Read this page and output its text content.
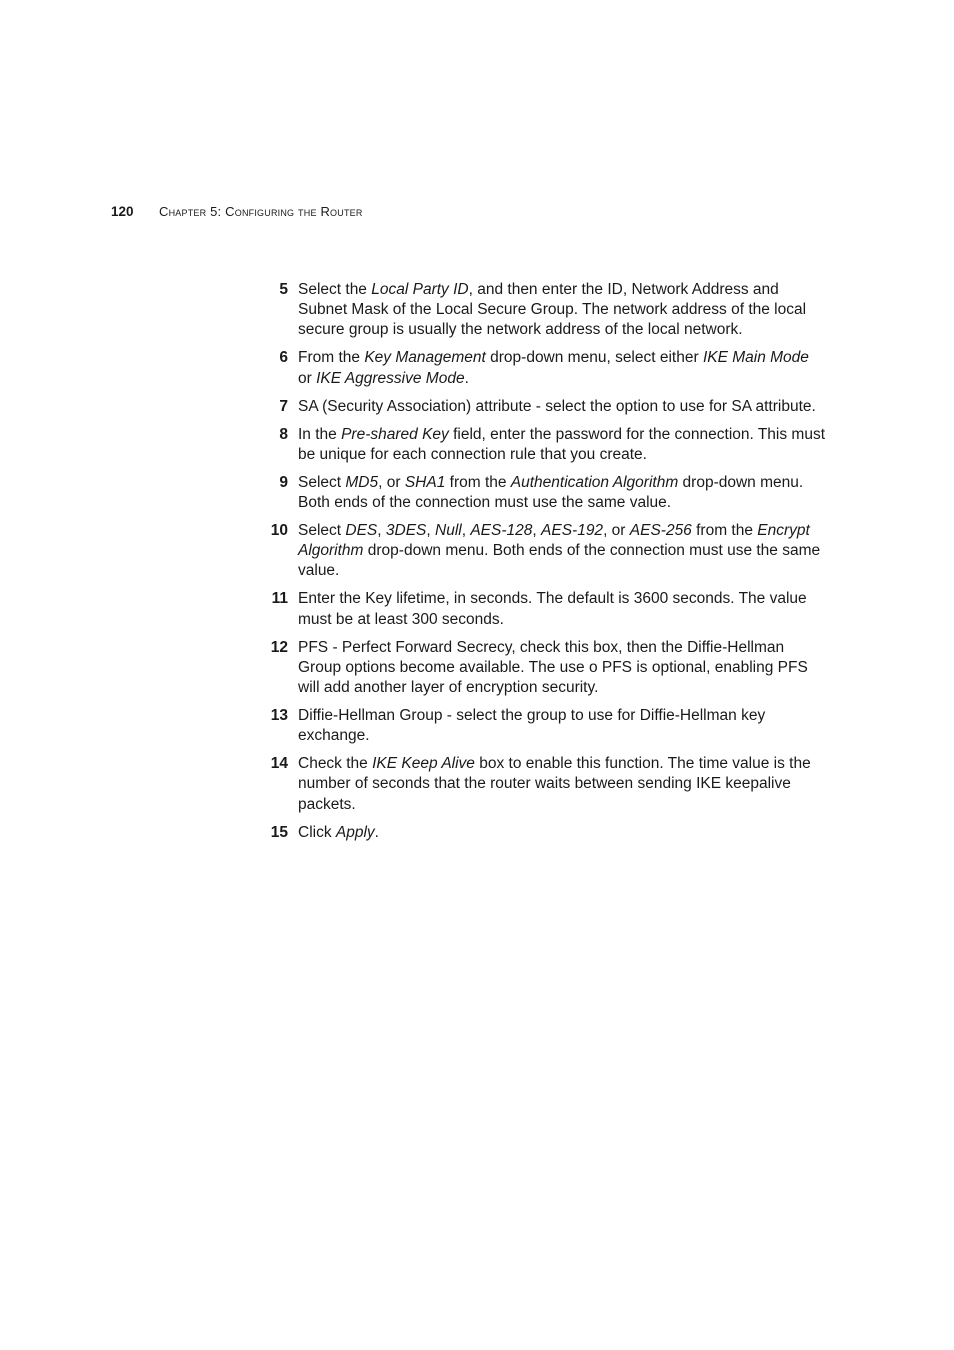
120	Chapter 5: Configuring the Router
5 Select the Local Party ID, and then enter the ID, Network Address and Subnet Mask of the Local Secure Group. The network address of the local secure group is usually the network address of the local network.
6 From the Key Management drop-down menu, select either IKE Main Mode or IKE Aggressive Mode.
7 SA (Security Association) attribute - select the option to use for SA attribute.
8 In the Pre-shared Key field, enter the password for the connection. This must be unique for each connection rule that you create.
9 Select MD5, or SHA1 from the Authentication Algorithm drop-down menu. Both ends of the connection must use the same value.
10 Select DES, 3DES, Null, AES-128, AES-192, or AES-256 from the Encrypt Algorithm drop-down menu. Both ends of the connection must use the same value.
11 Enter the Key lifetime, in seconds. The default is 3600 seconds. The value must be at least 300 seconds.
12 PFS - Perfect Forward Secrecy, check this box, then the Diffie-Hellman Group options become available. The use o PFS is optional, enabling PFS will add another layer of encryption security.
13 Diffie-Hellman Group - select the group to use for Diffie-Hellman key exchange.
14 Check the IKE Keep Alive box to enable this function. The time value is the number of seconds that the router waits between sending IKE keepalive packets.
15 Click Apply.
